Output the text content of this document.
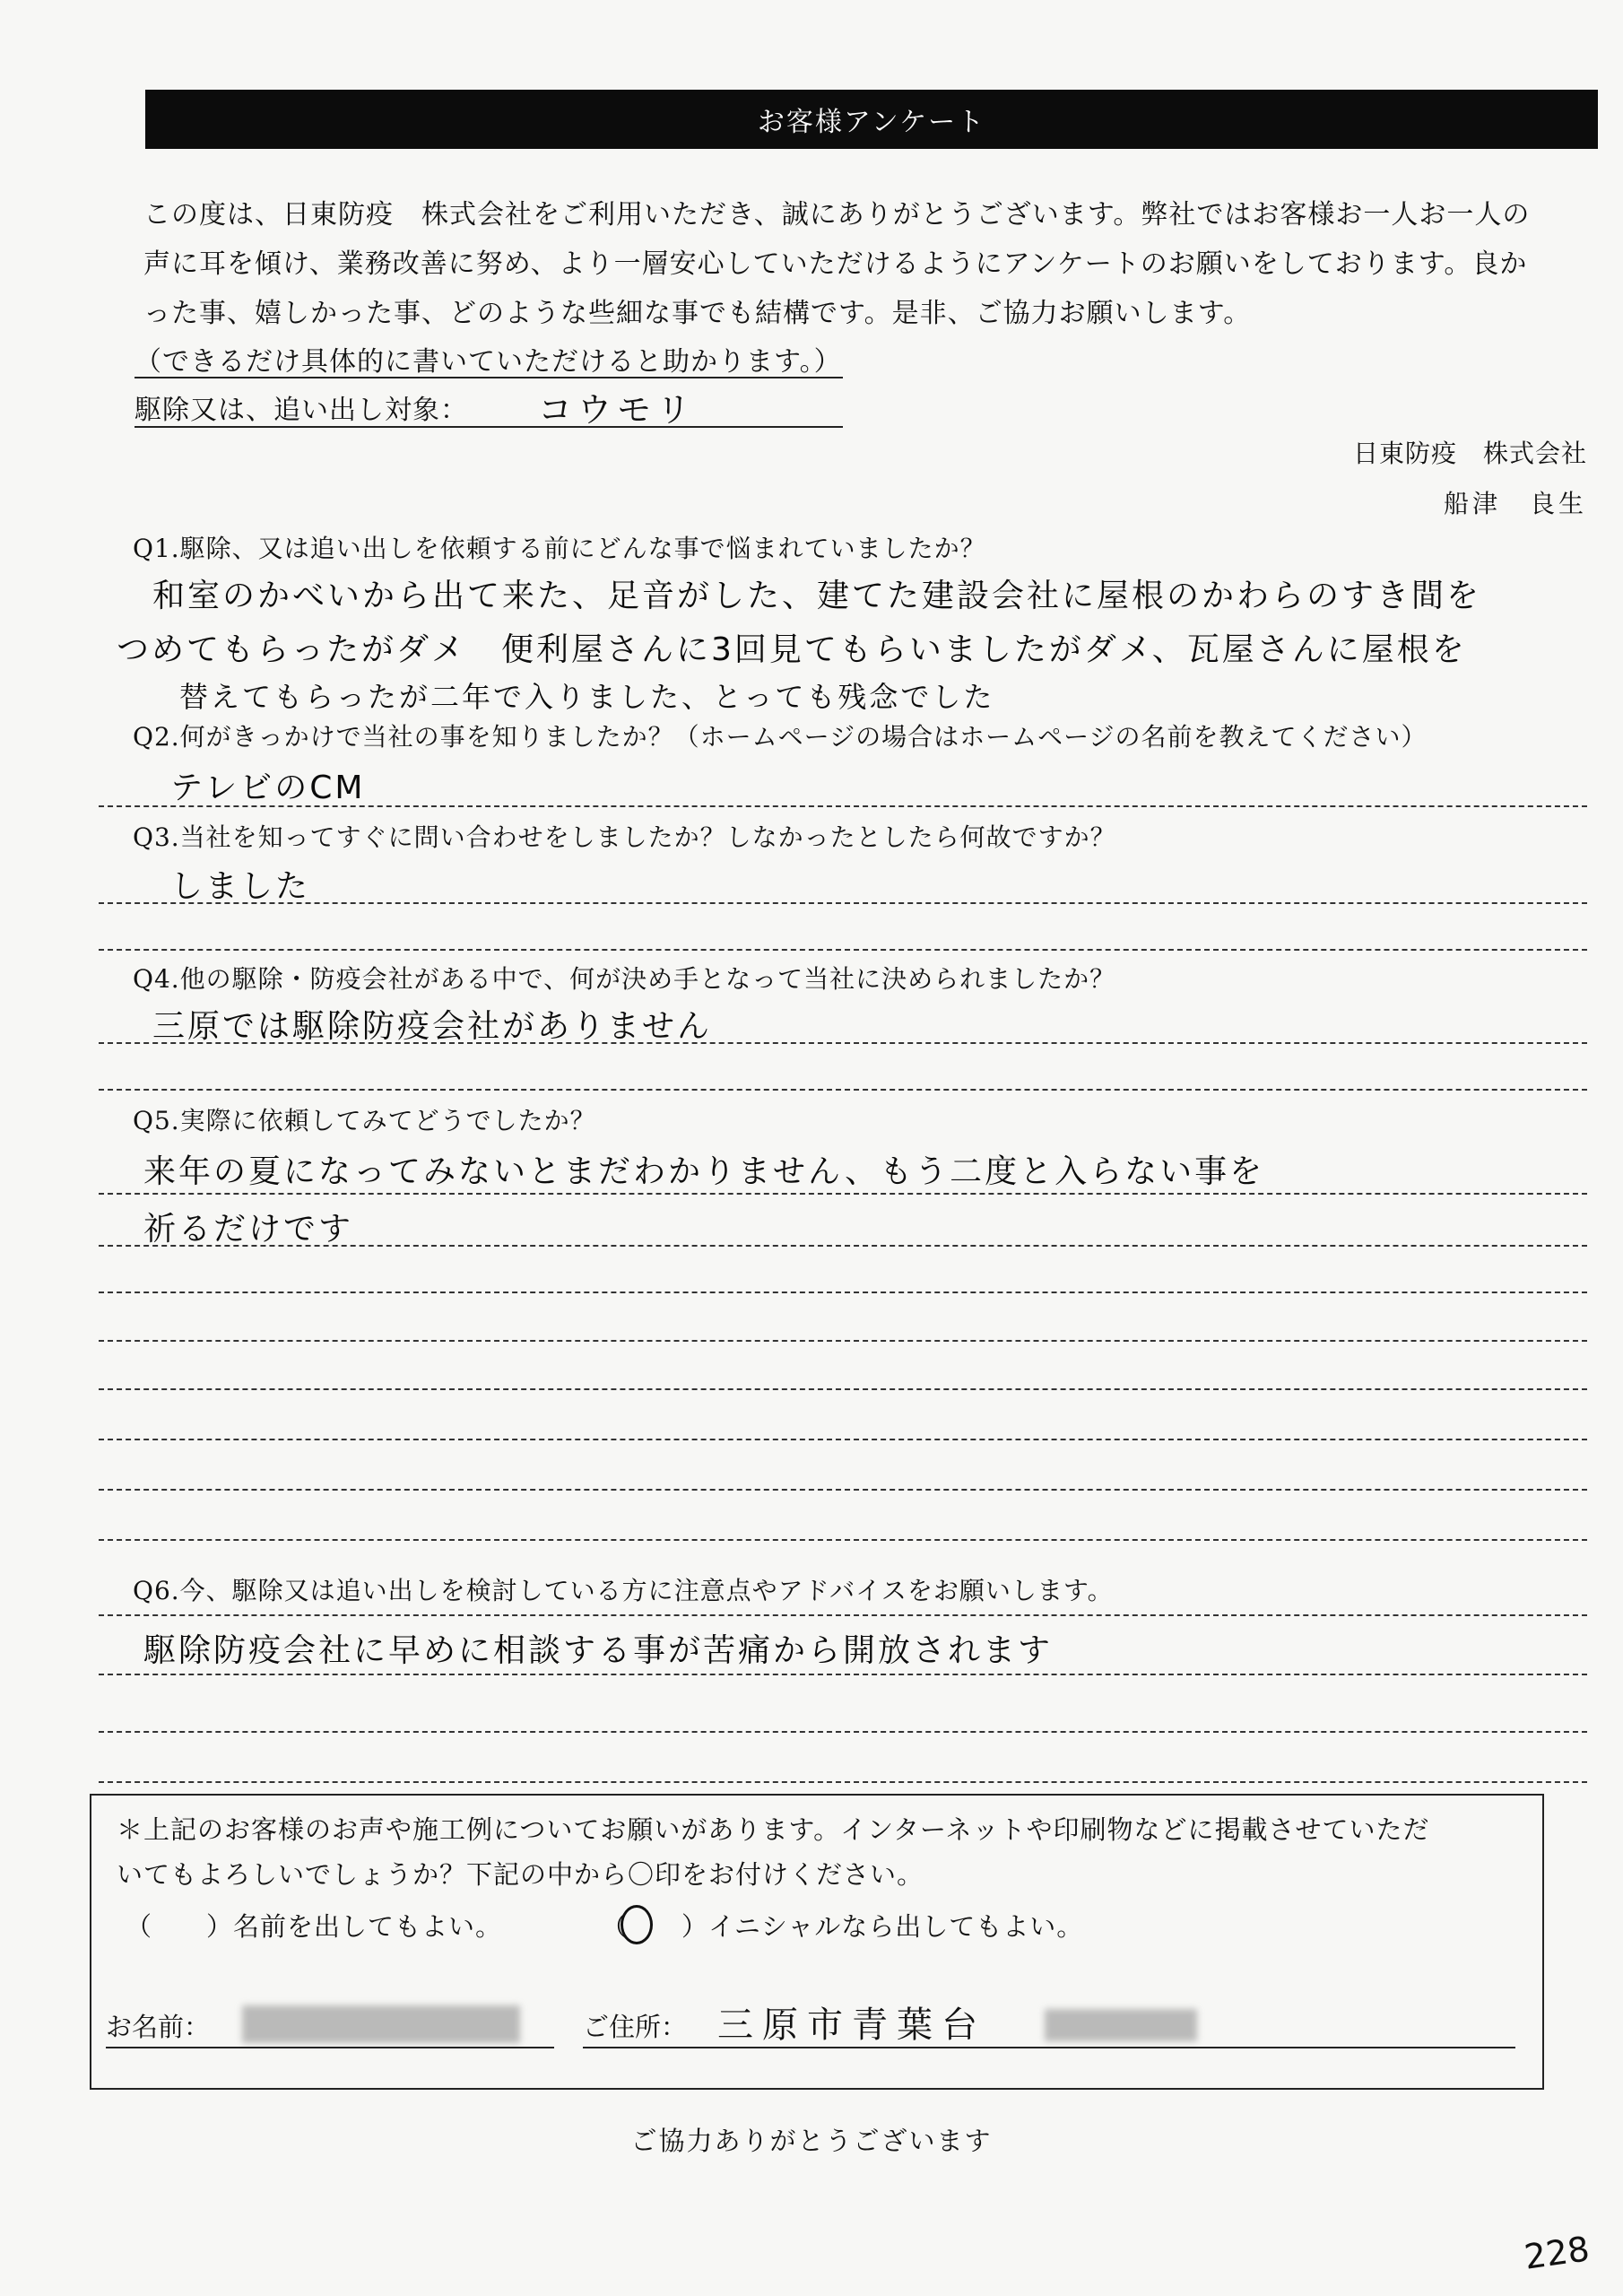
お客様アンケート

この度は、日東防疫　株式会社をご利用いただき、誠にありがとうございます。弊社ではお客様お一人お一人の

声に耳を傾け、業務改善に努め、より一層安心していただけるようにアンケートのお願いをしております。良か

った事、嬉しかった事、どのような些細な事でも結構です。是非、ご協力お願いします。

（できるだけ具体的に書いていただけると助かります。）
駆除又は、追い出し対象： コウモリ
日東防疫　株式会社
船津　良生
Q1.駆除、又は追い出しを依頼する前にどんな事で悩まれていましたか？
和室のかべいから出て来た、足音がした、建てた建設会社に屋根のかわらのすき間を
つめてもらったがダメ　便利屋さんに3回見てもらいましたがダメ、瓦屋さんに屋根を
替えてもらったが二年で入りました、とっても残念でした
Q2.何がきっかけで当社の事を知りましたか？（ホームページの場合はホームページの名前を教えてください）
テレビのCM
Q3.当社を知ってすぐに問い合わせをしましたか？しなかったとしたら何故ですか？
しました
Q4.他の駆除・防疫会社がある中で、何が決め手となって当社に決められましたか？
三原では駆除防疫会社がありません
Q5.実際に依頼してみてどうでしたか？
来年の夏になってみないとまだわかりません、もう二度と入らない事を
祈るだけです
Q6.今、駆除又は追い出しを検討している方に注意点やアドバイスをお願いします。
駆除防疫会社に早めに相談する事が苦痛から開放されます
＊上記のお客様のお声や施工例についてお願いがあります。インターネットや印刷物などに掲載させていただ
いてもよろしいでしょうか？下記の中から〇印をお付けください。
（　　）名前を出してもよい。	（　　）イニシャルなら出してもよい。
お名前：	ご住所： 三原市青葉台
ご協力ありがとうございます
228
